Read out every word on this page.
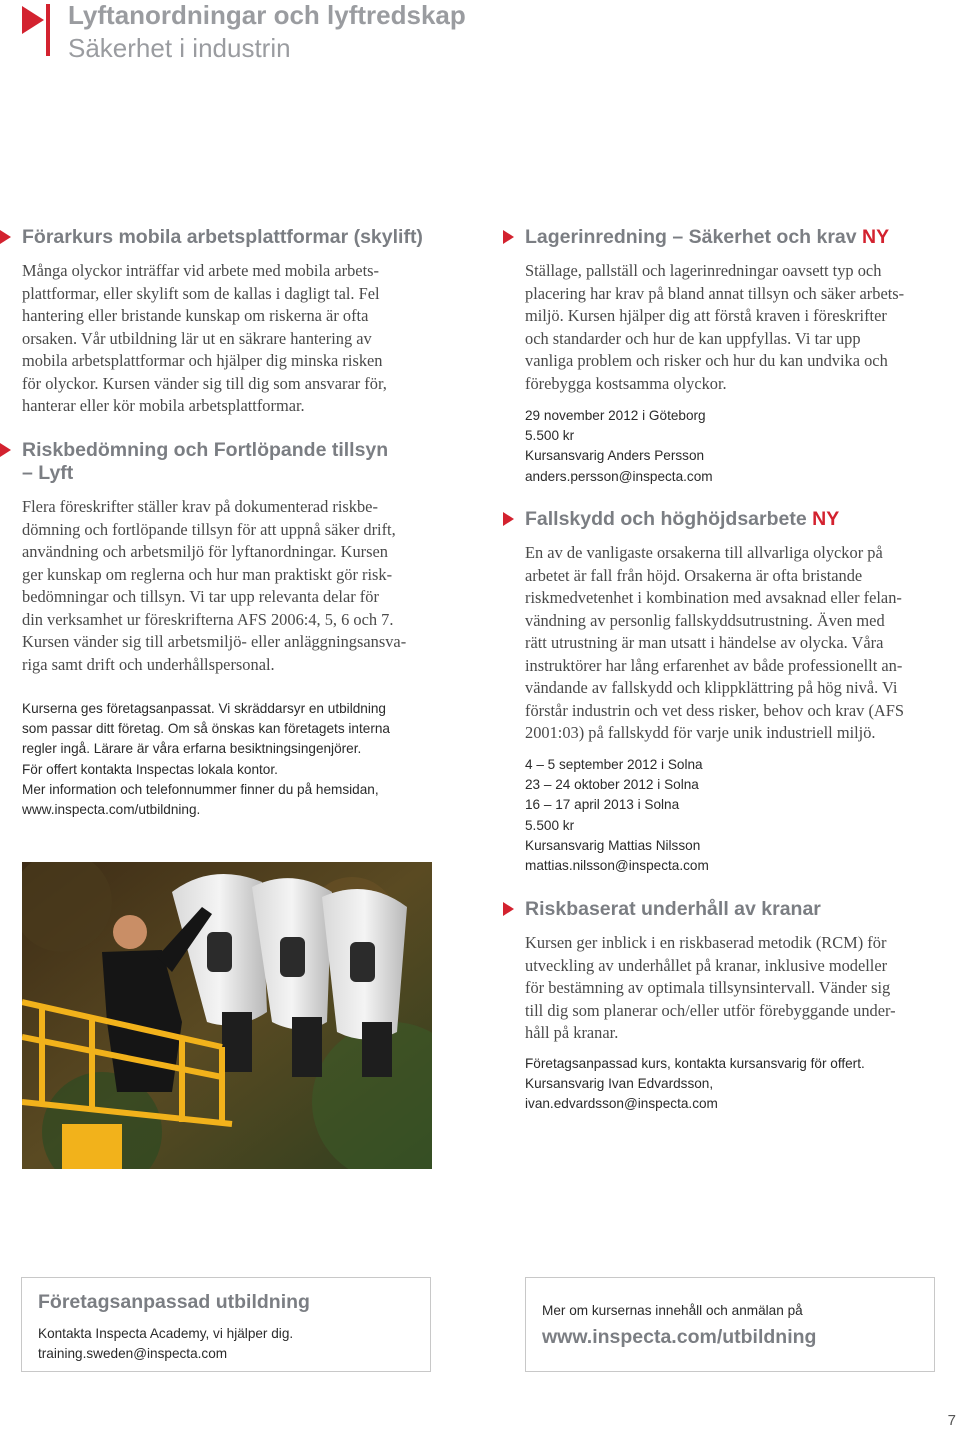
Lyftanordningar och lyftredskap
Säkerhet i industrin
Förarkurs mobila arbetsplattformar (skylift)
Många olyckor inträffar vid arbete med mobila arbets-
plattformar, eller skylift som de kallas i dagligt tal. Fel
hantering eller bristande kunskap om riskerna är ofta
orsaken. Vår utbildning lär ut en säkrare hantering av
mobila arbetsplattformar och hjälper dig minska risken
för olyckor. Kursen vänder sig till dig som ansvarar för,
hanterar eller kör mobila arbetsplattformar.
Riskbedömning och Fortlöpande tillsyn
– Lyft
Flera föreskrifter ställer krav på dokumenterad riskbe-
dömning och fortlöpande tillsyn för att uppnå säker drift,
användning och arbetsmiljö för lyftanordningar. Kursen
ger kunskap om reglerna och hur man praktiskt gör risk-
bedömningar och tillsyn. Vi tar upp relevanta delar för
din verksamhet ur föreskrifterna AFS 2006:4, 5, 6 och 7.
Kursen vänder sig till arbetsmiljö- eller anläggningsansva-
riga samt drift och underhållspersonal.
Kurserna ges företagsanpassat. Vi skräddarsyr en utbildning
som passar ditt företag. Om så önskas kan företagets interna
regler ingå. Lärare är våra erfarna besiktningsingenjörer.
För offert kontakta Inspectas lokala kontor.
Mer information och telefonnummer finner du på hemsidan,
www.inspecta.com/utbildning.
Lagerinredning – Säkerhet och krav NY
Ställage, pallställ och lagerinredningar oavsett typ och
placering har krav på bland annat tillsyn och säker arbets-
miljö. Kursen hjälper dig att förstå kraven i föreskrifter
och standarder och hur de kan uppfyllas. Vi tar upp
vanliga problem och risker och hur du kan undvika och
förebygga kostsamma olyckor.
29 november 2012 i Göteborg
5.500 kr
Kursansvarig Anders Persson
anders.persson@inspecta.com
Fallskydd och höghöjdsarbete NY
En av de vanligaste orsakerna till allvarliga olyckor på
arbetet är fall från höjd. Orsakerna är ofta bristande
riskmedvetenhet i kombination med avsaknad eller felan-
vändning av personlig fallskyddsutrustning. Även med
rätt utrustning är man utsatt i händelse av olycka. Våra
instruktörer har lång erfarenhet av både professionellt an-
vändande av fallskydd och klippklättring på hög nivå. Vi
förstår industrin och vet dess risker, behov och krav (AFS
2001:03) på fallskydd för varje unik industriell miljö.
4 – 5 september 2012 i Solna
23 – 24 oktober 2012 i Solna
16 – 17 april 2013 i Solna
5.500 kr
Kursansvarig Mattias Nilsson
mattias.nilsson@inspecta.com
Riskbaserat underhåll av kranar
Kursen ger inblick i en riskbaserad metodik (RCM) för
utveckling av underhållet på kranar, inklusive modeller
för bestämning av optimala tillsynsintervall. Vänder sig
till dig som planerar och/eller utför förebyggande under-
håll på kranar.
Företagsanpassad kurs, kontakta kursansvarig för offert.
Kursansvarig Ivan Edvardsson,
ivan.edvardsson@inspecta.com
Företagsanpassad utbildning
Kontakta Inspecta Academy, vi hjälper dig.
training.sweden@inspecta.com
Mer om kursernas innehåll och anmälan på
www.inspecta.com/utbildning
7
